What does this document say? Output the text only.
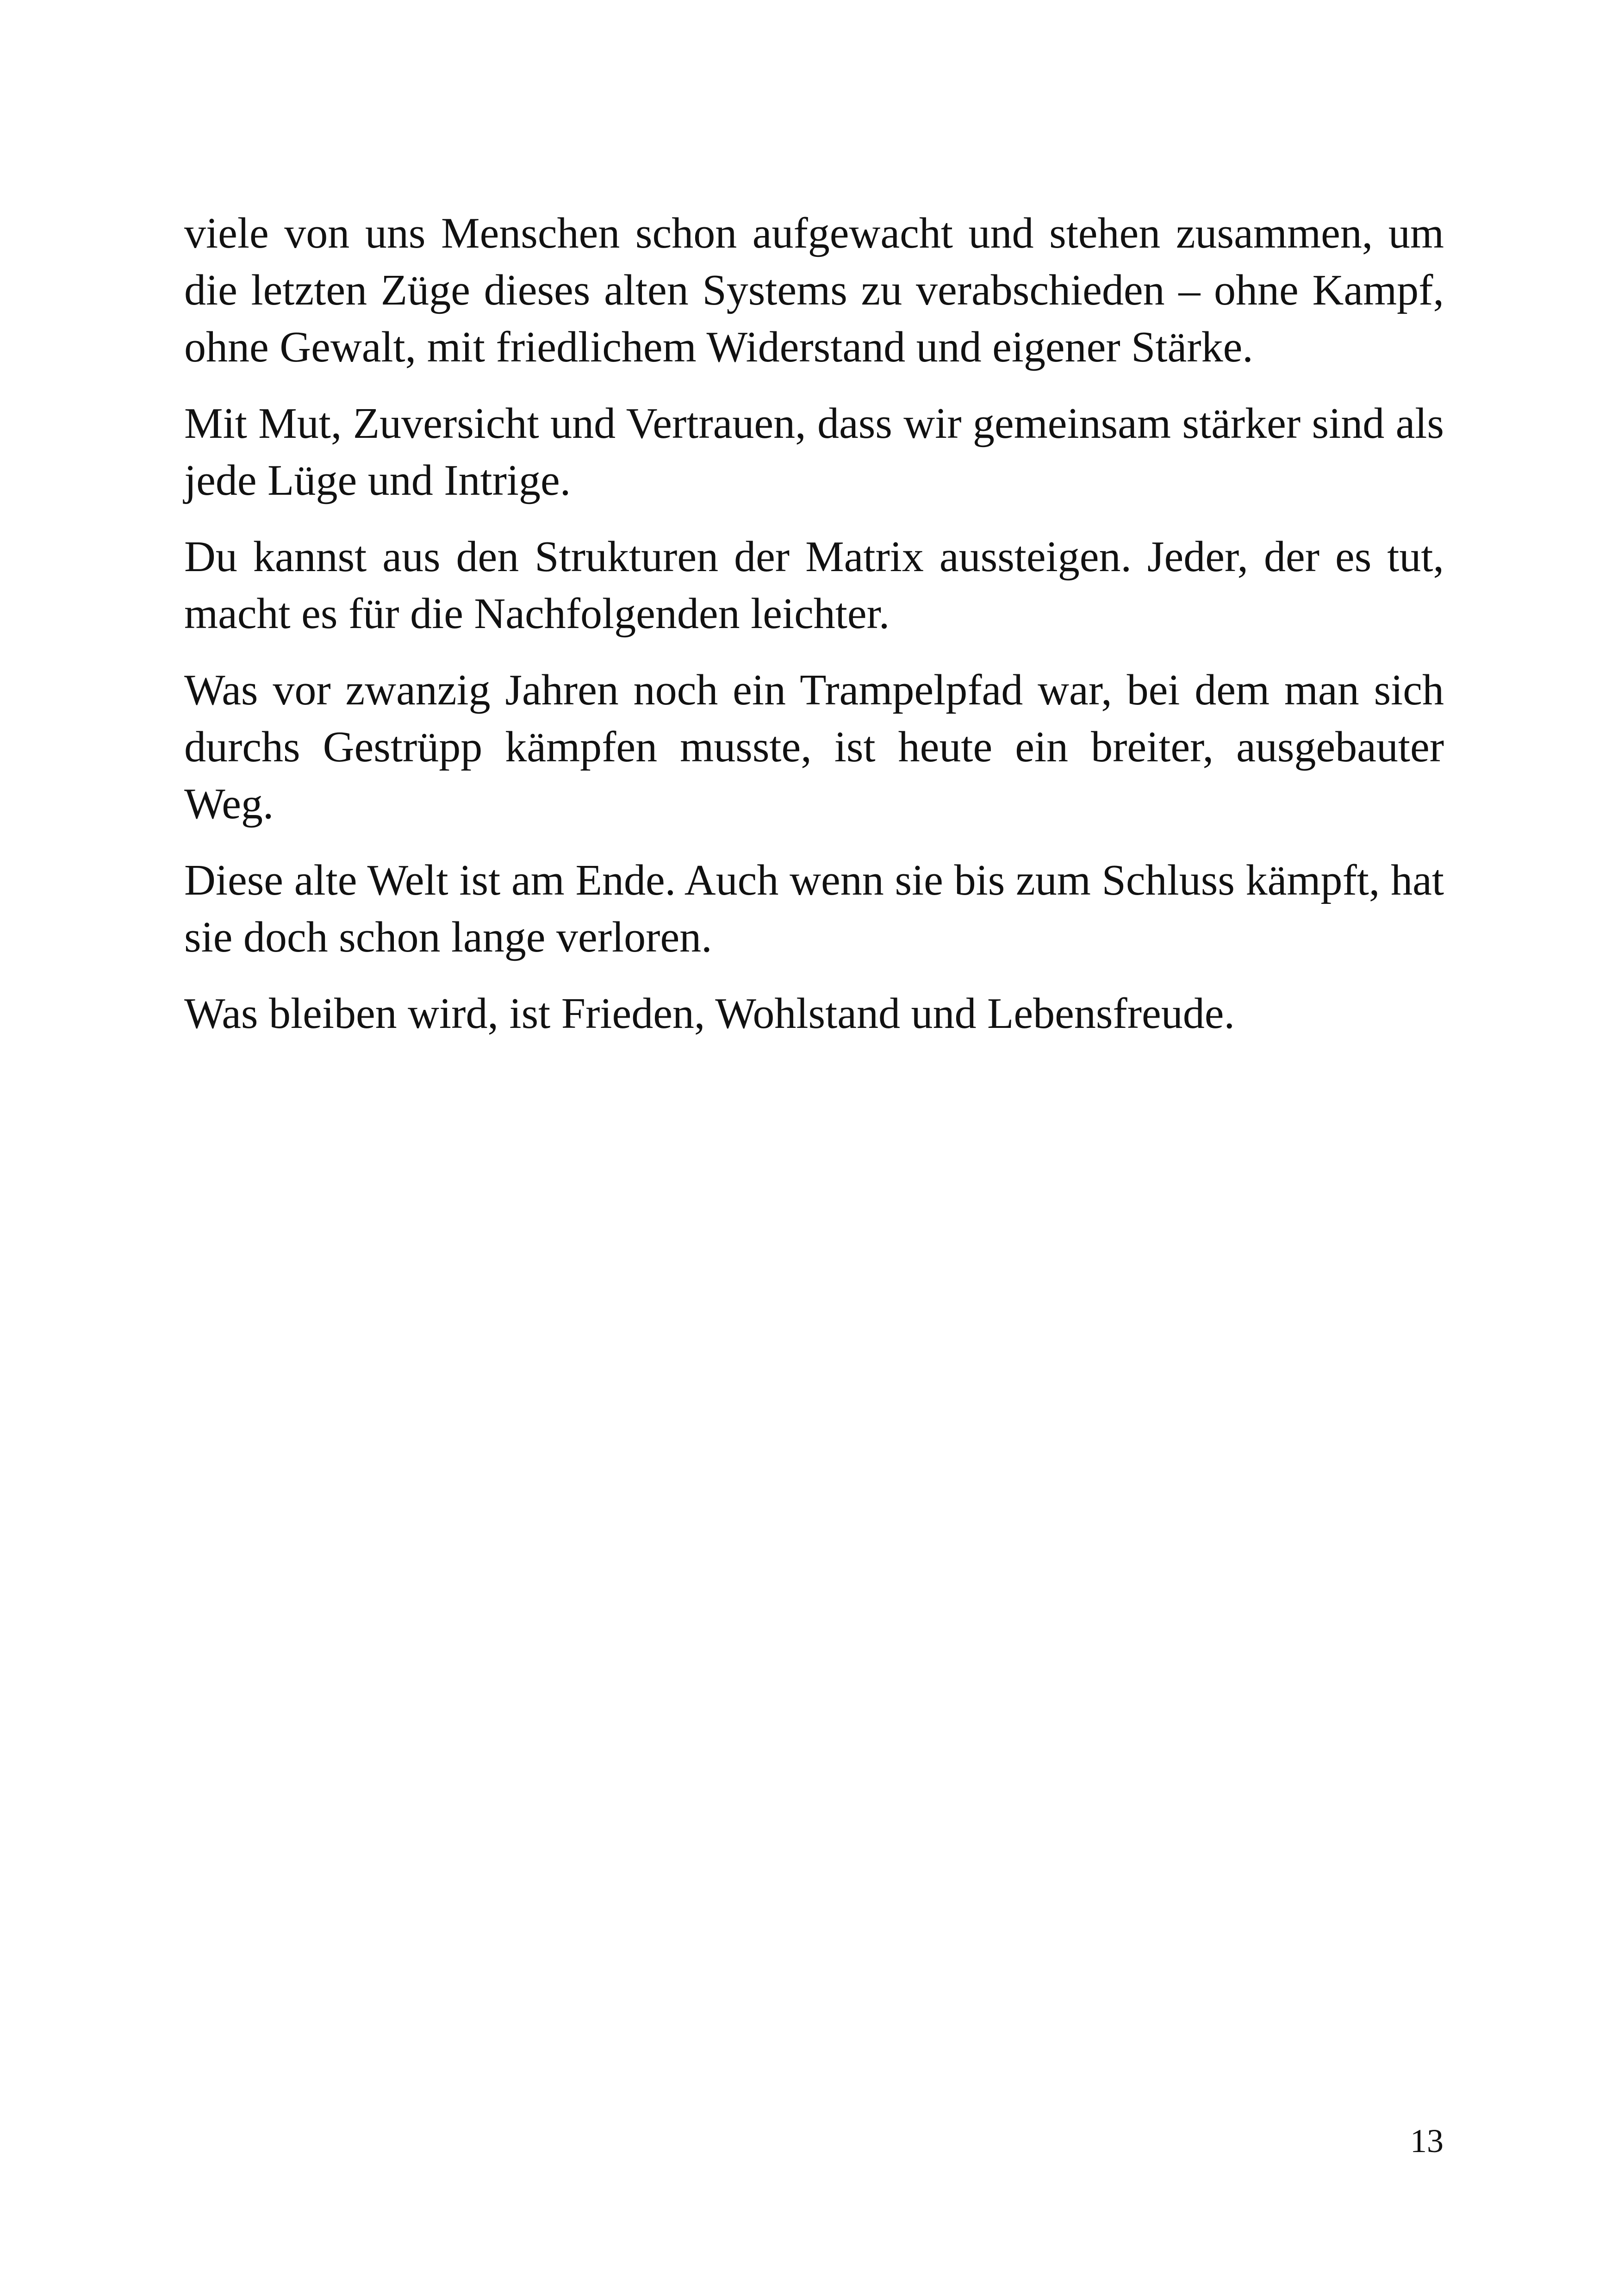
viele von uns Menschen schon aufgewacht und stehen zusammen, um die letzten Züge dieses alten Systems zu verabschieden – ohne Kampf, ohne Gewalt, mit friedlichem Widerstand und eigener Stärke.

Mit Mut, Zuversicht und Vertrauen, dass wir gemeinsam stärker sind als jede Lüge und Intrige.

Du kannst aus den Strukturen der Matrix aussteigen. Jeder, der es tut, macht es für die Nachfolgenden leichter.

Was vor zwanzig Jahren noch ein Trampelpfad war, bei dem man sich durchs Gestrüpp kämpfen musste, ist heute ein breiter, ausgebauter Weg.

Diese alte Welt ist am Ende. Auch wenn sie bis zum Schluss kämpft, hat sie doch schon lange verloren.

Was bleiben wird, ist Frieden, Wohlstand und Lebensfreude.

13
